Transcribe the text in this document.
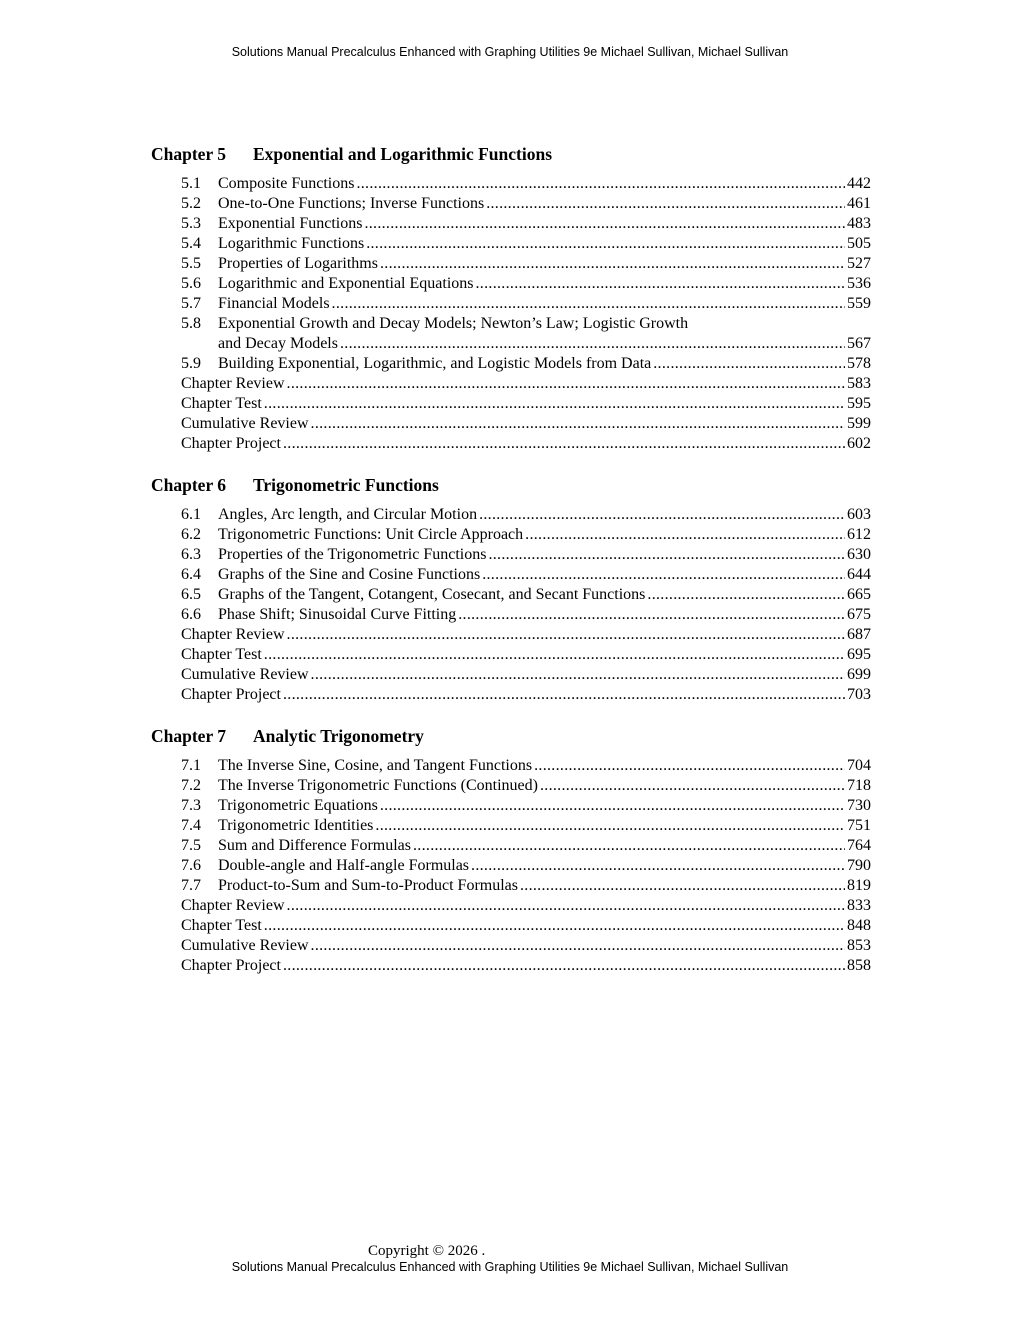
Solutions Manual Precalculus Enhanced with Graphing Utilities 9e Michael Sullivan, Michael Sullivan
Chapter 5 Exponential and Logarithmic Functions
5.1	Composite Functions .....	442
5.2	One-to-One Functions; Inverse Functions .....	461
5.3	Exponential Functions .....	483
5.4	Logarithmic Functions .....	505
5.5	Properties of Logarithms .....	527
5.6	Logarithmic and Exponential Equations .....	536
5.7	Financial Models .....	559
5.8 Exponential Growth and Decay Models; Newton’s Law; Logistic Growth
and Decay Models .....	567
5.9	Building Exponential, Logarithmic, and Logistic Models from Data .....	578
Chapter Review .....	583
Chapter Test .....	595
Cumulative Review .....	599
Chapter Project .....	602
Chapter 6 Trigonometric Functions
6.1	Angles, Arc length, and Circular Motion .....	603
6.2	Trigonometric Functions: Unit Circle Approach .....	612
6.3	Properties of the Trigonometric Functions .....	630
6.4	Graphs of the Sine and Cosine Functions .....	644
6.5	Graphs of the Tangent, Cotangent, Cosecant, and Secant Functions .....	665
6.6	Phase Shift; Sinusoidal Curve Fitting .....	675
Chapter Review .....	687
Chapter Test .....	695
Cumulative Review .....	699
Chapter Project .....	703
Chapter 7 Analytic Trigonometry
7.1	The Inverse Sine, Cosine, and Tangent Functions .....	704
7.2	The Inverse Trigonometric Functions (Continued) .....	718
7.3	Trigonometric Equations .....	730
7.4	Trigonometric Identities .....	751
7.5	Sum and Difference Formulas .....	764
7.6	Double-angle and Half-angle Formulas .....	790
7.7	Product-to-Sum and Sum-to-Product Formulas .....	819
Chapter Review .....	833
Chapter Test .....	848
Cumulative Review .....	853
Chapter Project .....	858
Copyright © 2026 .
Solutions Manual Precalculus Enhanced with Graphing Utilities 9e Michael Sullivan, Michael Sullivan
